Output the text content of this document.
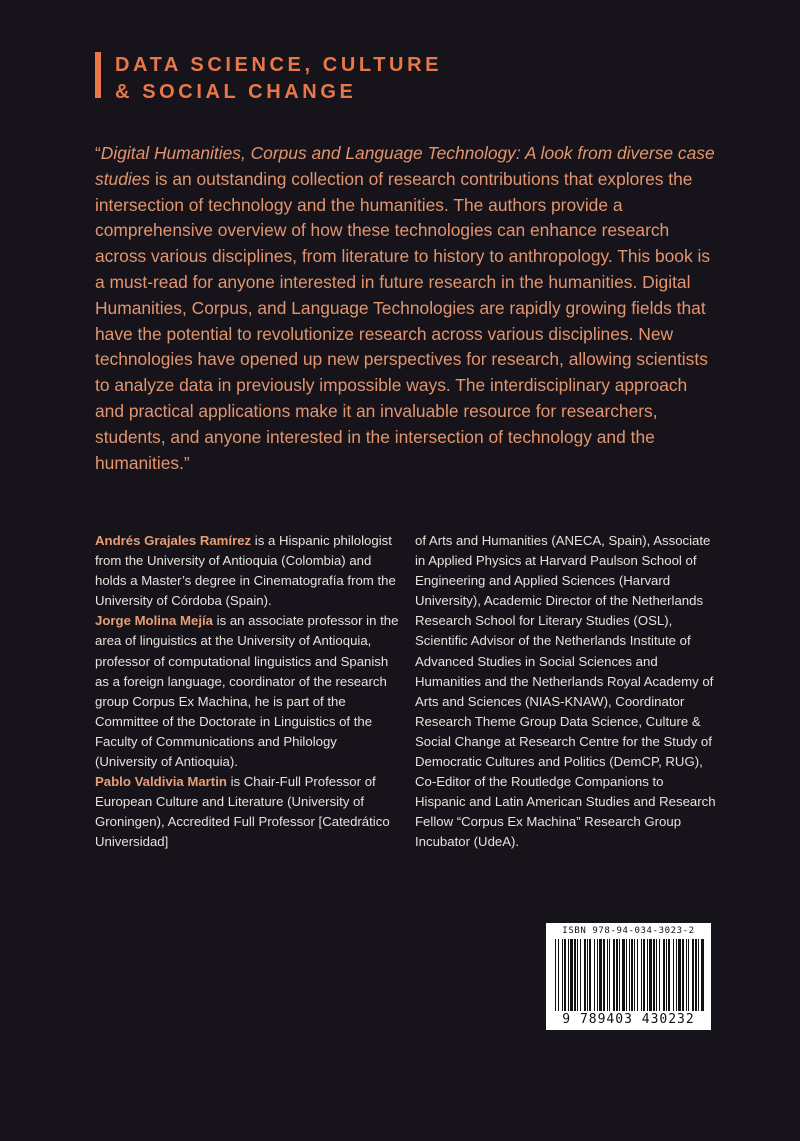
DATA SCIENCE, CULTURE
& SOCIAL CHANGE

“Digital Humanities, Corpus and Language Technology: A look from diverse case studies is an outstanding collection of research contributions that explores the intersection of technology and the humanities. The authors provide a comprehensive overview of how these technologies can enhance research across various disciplines, from literature to history to anthropology. This book is a must-read for anyone interested in future research in the humanities. Digital Humanities, Corpus, and Language Technologies are rapidly growing fields that have the potential to revolutionize research across various disciplines. New technologies have opened up new perspectives for research, allowing scientists to analyze data in previously impossible ways. The interdisciplinary approach and practical applications make it an invaluable resource for researchers, students, and anyone interested in the intersection of technology and the humanities.”

Andrés Grajales Ramírez is a Hispanic philologist from the University of Antioquia (Colombia) and holds a Master’s degree in Cinematografía from the University of Córdoba (Spain).
Jorge Molina Mejía is an associate professor in the area of linguistics at the University of Antioquia, professor of computational linguistics and Spanish as a foreign language, coordinator of the research group Corpus Ex Machina, he is part of the Committee of the Doctorate in Linguistics of the Faculty of Communications and Philology (University of Antioquia).
Pablo Valdivia Martin is Chair-Full Professor of European Culture and Literature (University of Groningen), Accredited Full Professor [Catedrático Universidad]

of Arts and Humanities (ANECA, Spain), Associate in Applied Physics at Harvard Paulson School of Engineering and Applied Sciences (Harvard University), Academic Director of the Netherlands Research School for Literary Studies (OSL), Scientific Advisor of the Netherlands Institute of Advanced Studies in Social Sciences and Humanities and the Netherlands Royal Academy of Arts and Sciences (NIAS-KNAW), Coordinator Research Theme Group Data Science, Culture & Social Change at Research Centre for the Study of Democratic Cultures and Politics (DemCP, RUG), Co-Editor of the Routledge Companions to Hispanic and Latin American Studies and Research Fellow “Corpus Ex Machina” Research Group Incubator (UdeA).

ISBN 978-94-034-3023-2
9 789403 430232
